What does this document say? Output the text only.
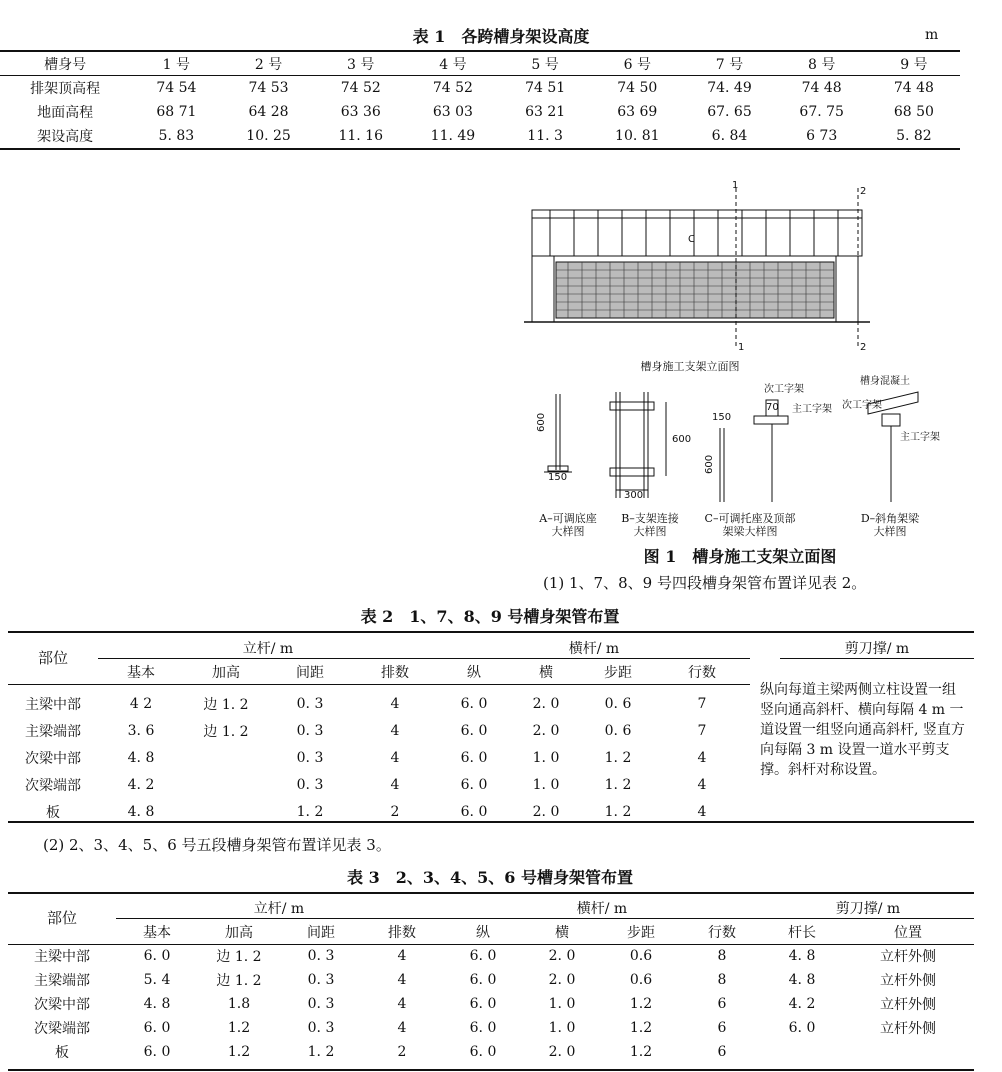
表 1　各跨槽身架设高度	m
槽身号	1 号	2 号	3 号	4 号	5 号	6 号	7 号	8 号	9 号
排架顶高程	74 54	74 53	74 52	74 52	74 51	74 50	74. 49	74 48	74 48
地面高程	68 71	64 28	63 36	63 03	63 21	63 69	67. 65	67. 75	68 50
架设高度	5. 83	10. 25	11. 16	11. 49	11. 3	10. 81	6. 84	6 73	5. 82
1
2
1	2
C
600
150
600
300
150
600
70
次工字架
主工字架
槽身混凝土
次工字架
主工字架
槽身施工支架立面图
A–可调底座
大样图
B–支架连接
大样图
C–可调托座及顶部
架梁大样图
D–斜角架梁
大样图
图 1　槽身施工支架立面图
(1) 1、7、8、9 号四段槽身架管布置详见表 2。
表 2　1、7、8、9 号槽身架管布置
部位	立杆/ m	横杆/ m	剪刀撑/ m
	基本	加高	间距	排数	纵	横	步距	行数

主梁中部	4 2	边 1. 2	0. 3	4	6. 0	2. 0	0. 6	7
主梁端部	3. 6	边 1. 2	0. 3	4	6. 0	2. 0	0. 6	7
次梁中部	4. 8		0. 3	4	6. 0	1. 0	1. 2	4
次梁端部	4. 2		0. 3	4	6. 0	1. 0	1. 2	4
板	4. 8		1. 2	2	6. 0	2. 0	1. 2	4
纵向每道主梁两侧立柱设置一组竖向通高斜杆、横向每隔 4 m 一道设置一组竖向通高斜杆, 竖直方向每隔 3 m 设置一道水平剪支撑。斜杆对称设置。
(2) 2、3、4、5、6 号五段槽身架管布置详见表 3。
表 3　2、3、4、5、6 号槽身架管布置
部位	立杆/ m	横杆/ m	剪刀撑/ m
	基本	加高	间距	排数	纵	横	步距	行数	杆长	位置
主梁中部	6. 0	边 1. 2	0. 3	4	6. 0	2. 0	0.6	8	4. 8	立杆外侧
主梁端部	5. 4	边 1. 2	0. 3	4	6. 0	2. 0	0.6	8	4. 8	立杆外侧
次梁中部	4. 8	1.8	0. 3	4	6. 0	1. 0	1.2	6	4. 2	立杆外侧
次梁端部	6. 0	1.2	0. 3	4	6. 0	1. 0	1.2	6	6. 0	立杆外侧
板	6. 0	1.2	1. 2	2	6. 0	2. 0	1.2	6		
